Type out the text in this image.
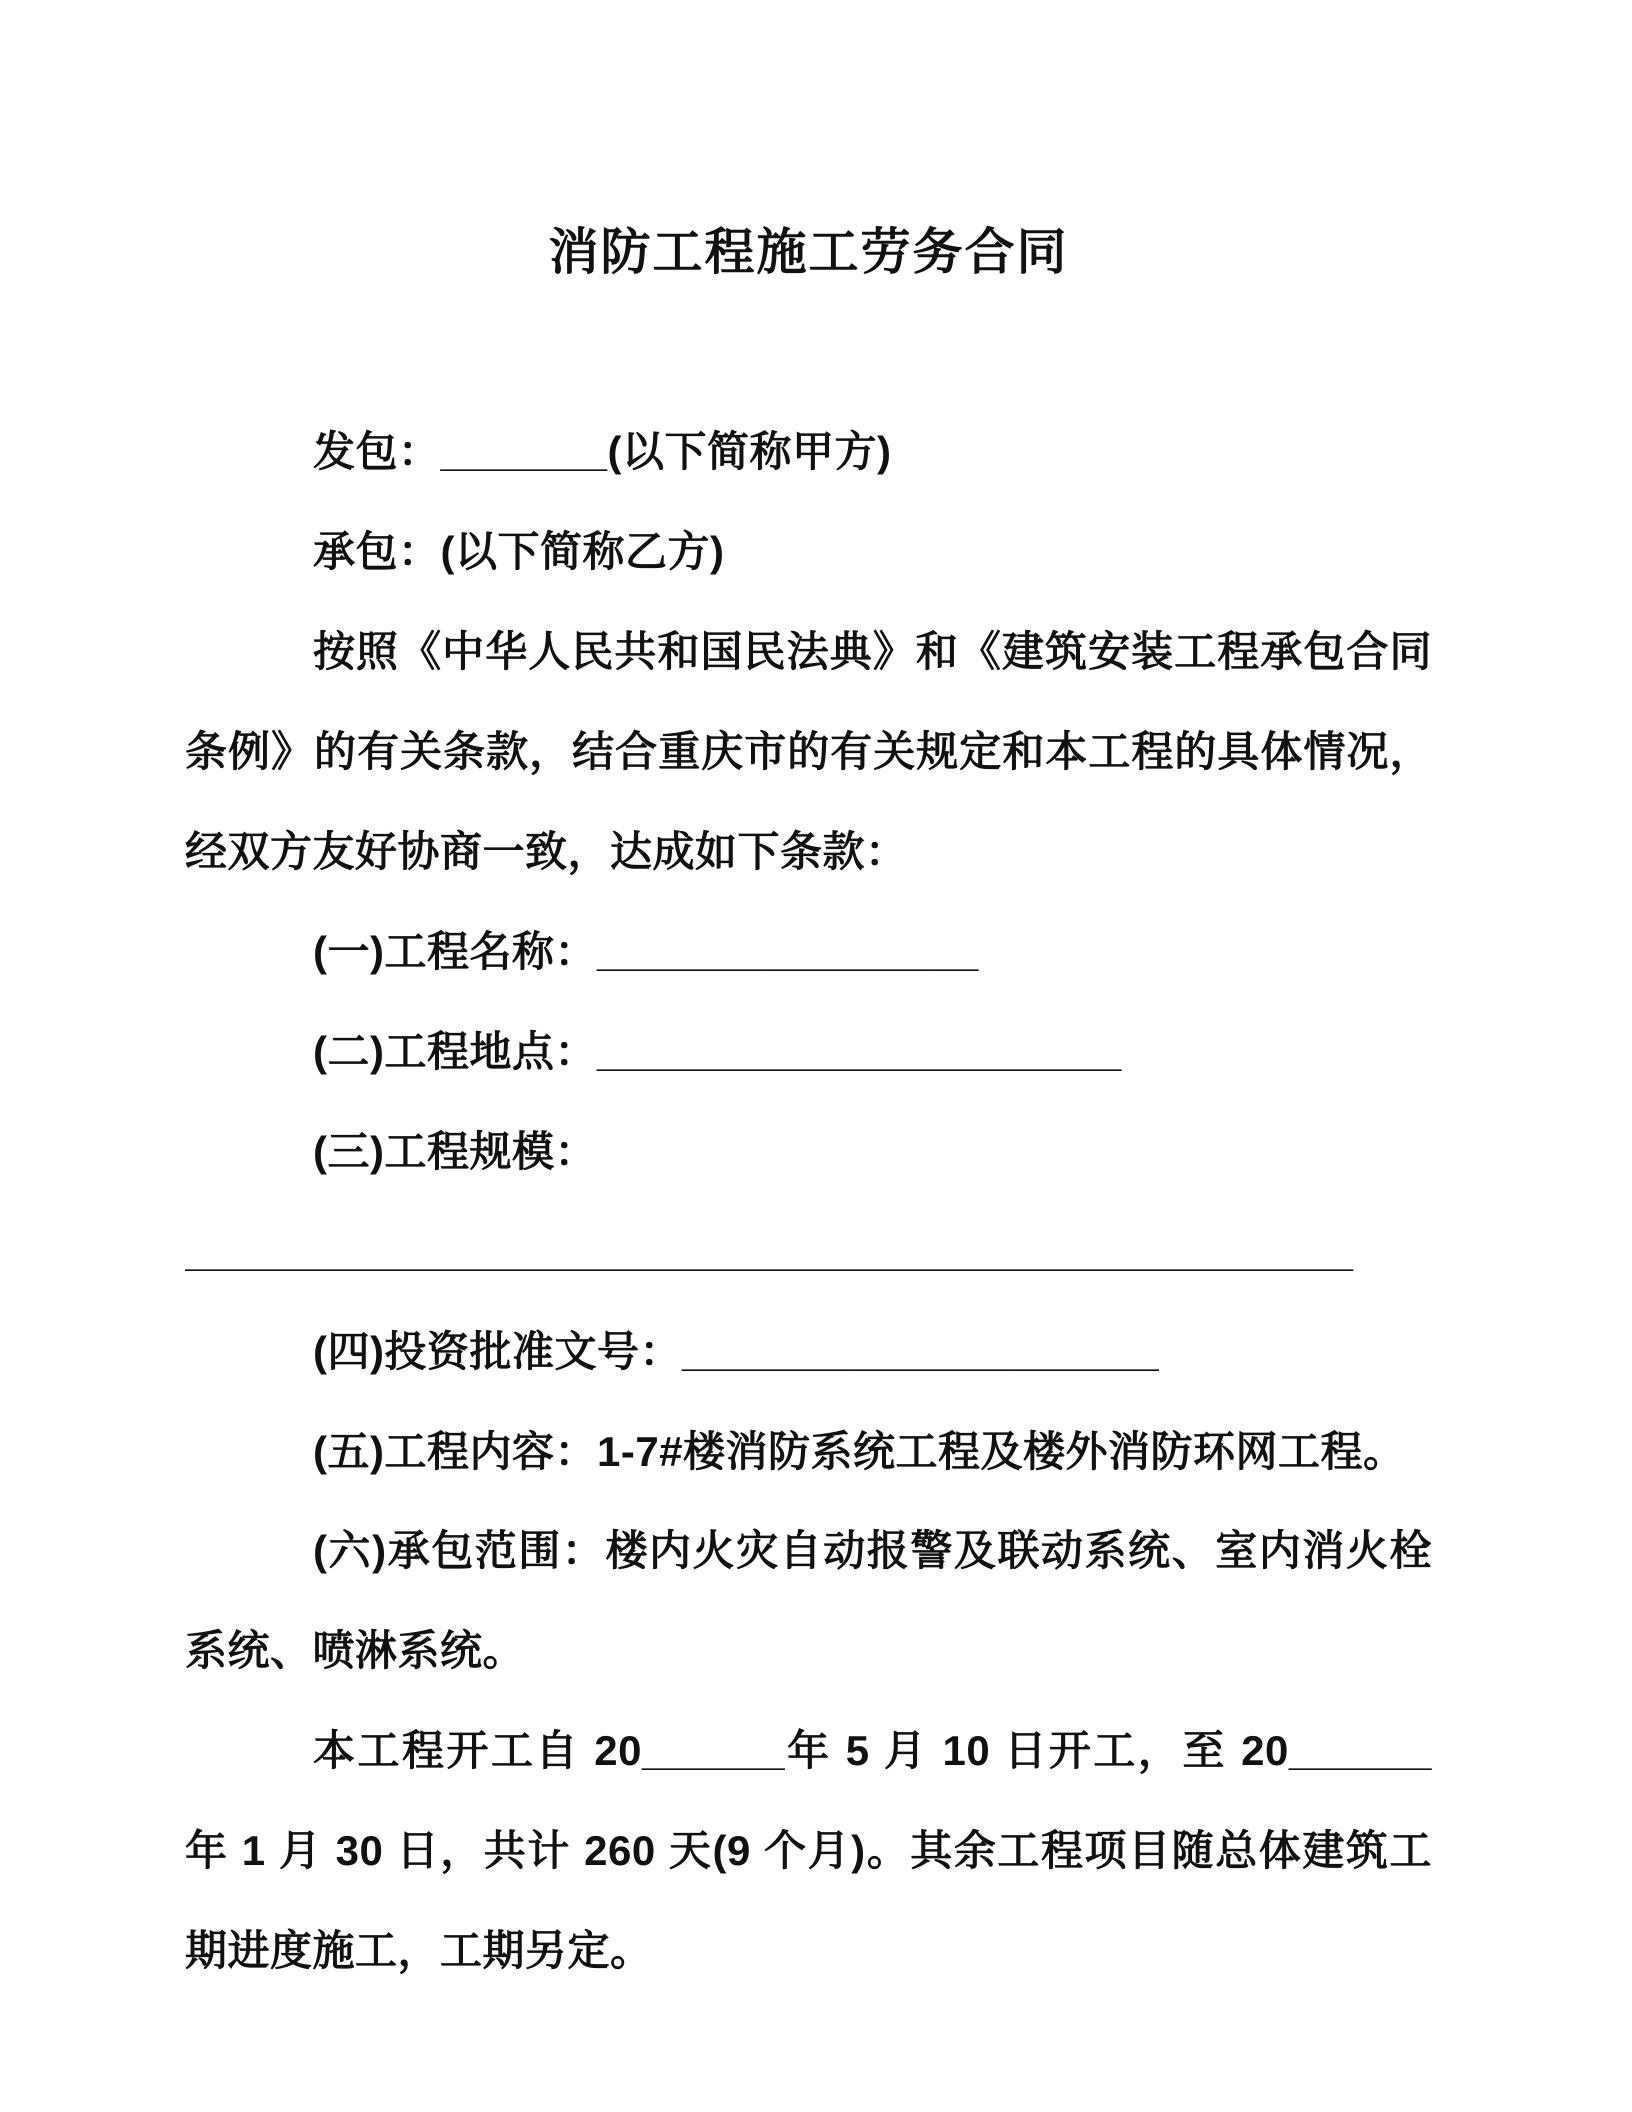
消防工程施工劳务合同

发包：_______(以下简称甲方)

承包：(以下简称乙方)

按照《中华人民共和国民法典》和《建筑安装工程承包合同条例》的有关条款，结合重庆市的有关规定和本工程的具体情况，经双方友好协商一致，达成如下条款：

(一)工程名称：________________

(二)工程地点：______________________

(三)工程规模：

__________________________________________________

(四)投资批准文号：____________________

(五)工程内容：1-7#楼消防系统工程及楼外消防环网工程。

(六)承包范围：楼内火灾自动报警及联动系统、室内消火栓系统、喷淋系统。

本工程开工自 20______年 5 月 10 日开工，至 20______年 1 月 30 日，共计 260 天(9 个月)。其余工程项目随总体建筑工期进度施工，工期另定。
